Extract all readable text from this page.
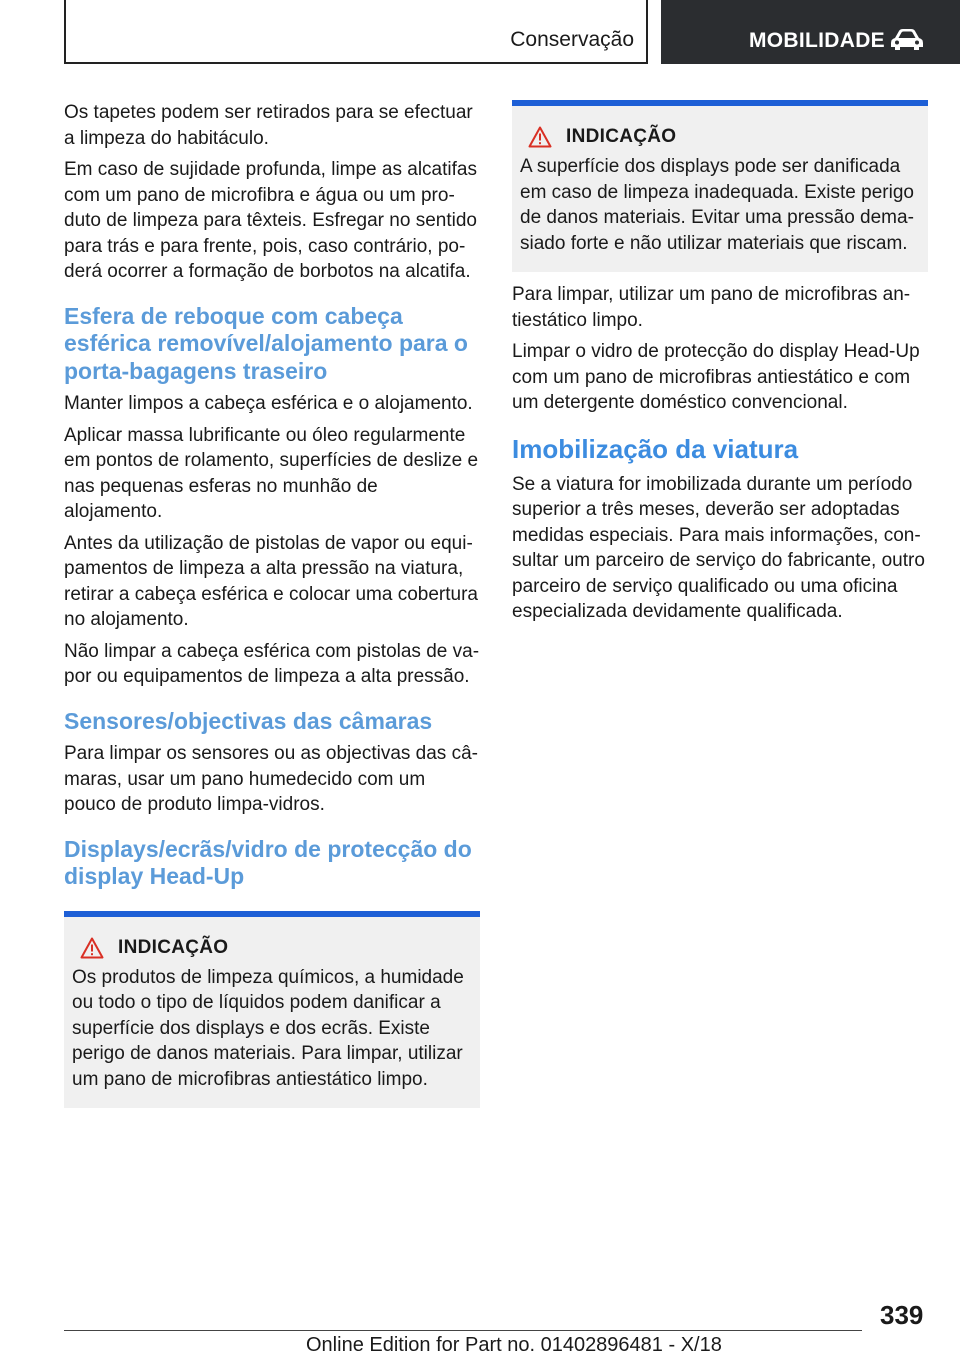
Conservação	MOBILIDADE

Os tapetes podem ser retirados para se efectuar a limpeza do habitáculo.

Em caso de sujidade profunda, limpe as alcatifas com um pano de microfibra e água ou um produto de limpeza para têxteis. Esfregar no sentido para trás e para frente, pois, caso contrário, poderá ocorrer a formação de borbotos na alcatifa.

Esfera de reboque com cabeça esférica removível/alojamento para o porta-bagagens traseiro

Manter limpos a cabeça esférica e o alojamento.

Aplicar massa lubrificante ou óleo regularmente em pontos de rolamento, superfícies de deslize e nas pequenas esferas no munhão de alojamento.

Antes da utilização de pistolas de vapor ou equipamentos de limpeza a alta pressão na viatura, retirar a cabeça esférica e colocar uma cobertura no alojamento.

Não limpar a cabeça esférica com pistolas de vapor ou equipamentos de limpeza a alta pressão.

Sensores/objectivas das câmaras

Para limpar os sensores ou as objectivas das câmaras, usar um pano humedecido com um pouco de produto limpa-vidros.

Displays/ecrãs/vidro de protecção do display Head-Up
INDICAÇÃO

Os produtos de limpeza químicos, a humidade ou todo o tipo de líquidos podem danificar a superfície dos displays e dos ecrãs. Existe perigo de danos materiais. Para limpar, utilizar um pano de microfibras antiestático limpo.

INDICAÇÃO

A superfície dos displays pode ser danificada em caso de limpeza inadequada. Existe perigo de danos materiais. Evitar uma pressão demasiado forte e não utilizar materiais que riscam.

Para limpar, utilizar um pano de microfibras antiestático limpo.

Limpar o vidro de protecção do display Head-Up com um pano de microfibras antiestático e com um detergente doméstico convencional.

Imobilização da viatura

Se a viatura for imobilizada durante um período superior a três meses, deverão ser adoptadas medidas especiais. Para mais informações, consultar um parceiro de serviço do fabricante, outro parceiro de serviço qualificado ou uma oficina especializada devidamente qualificada.

339
Online Edition for Part no. 01402896481 - X/18
